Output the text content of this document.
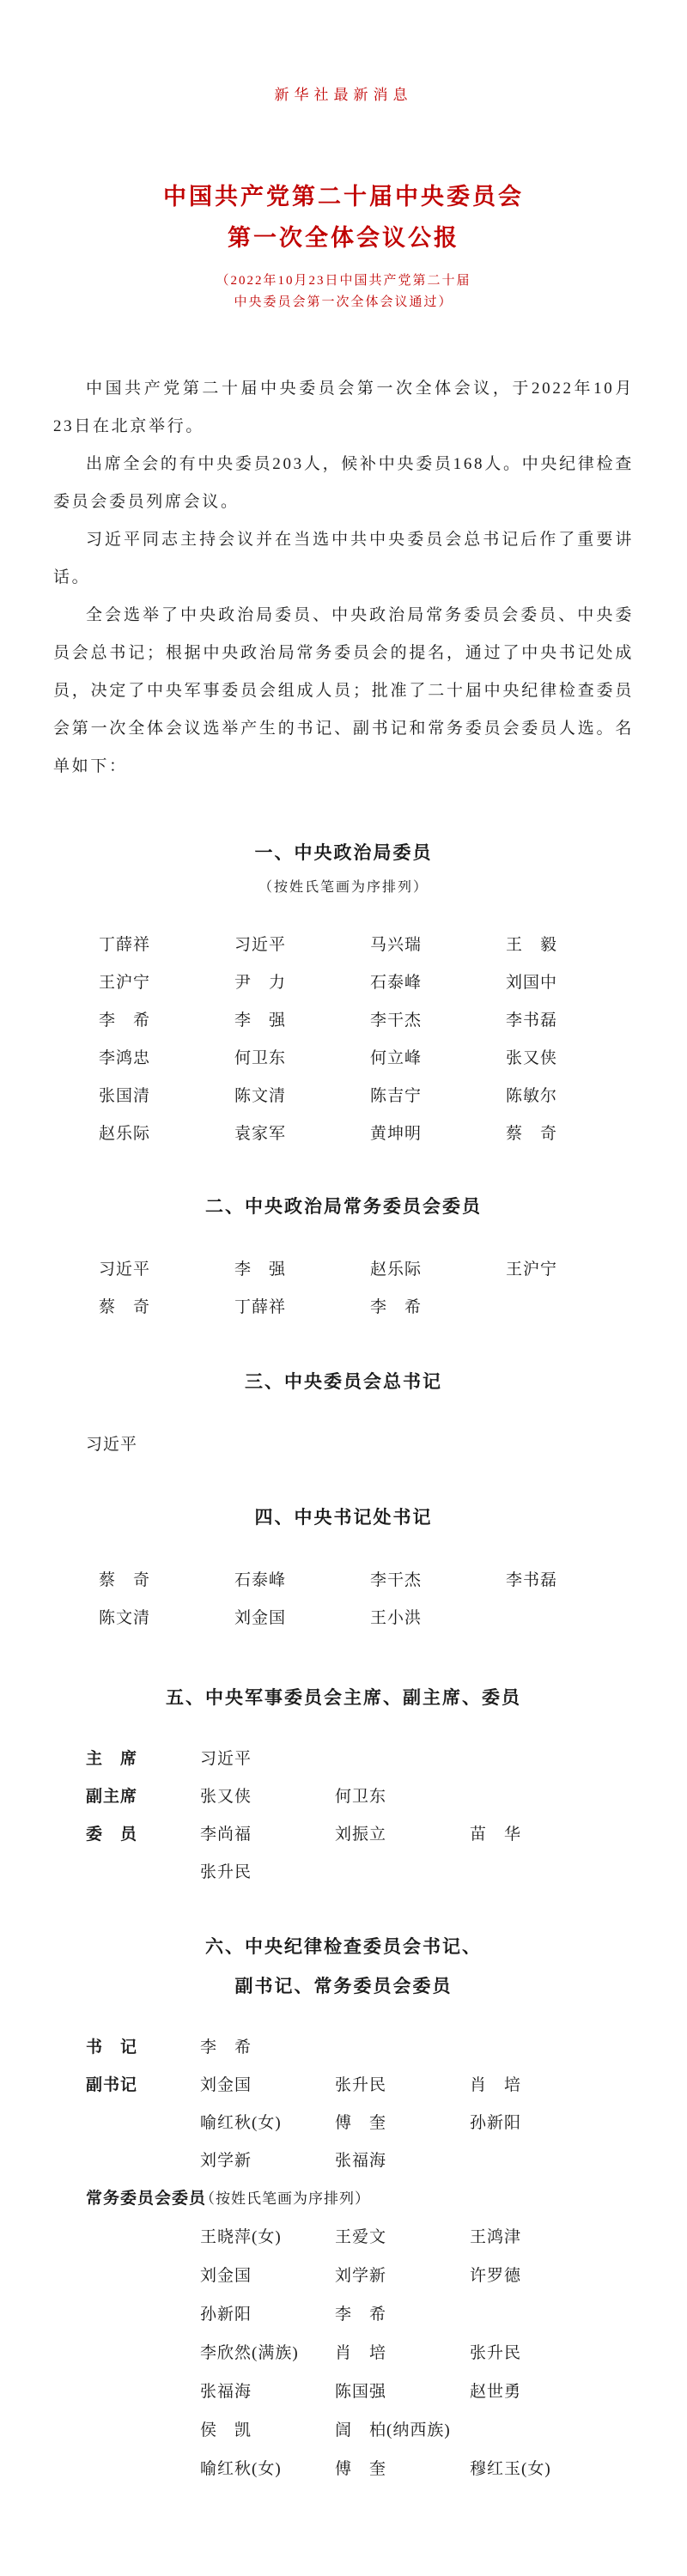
新华社最新消息
中国共产党第二十届中央委员会
第一次全体会议公报
（2022年10月23日中国共产党第二十届
中央委员会第一次全体会议通过）

中国共产党第二十届中央委员会第一次全体会议，于2022年10月23日在北京举行。

出席全会的有中央委员203人，候补中央委员168人。中央纪律检查委员会委员列席会议。

习近平同志主持会议并在当选中共中央委员会总书记后作了重要讲话。

全会选举了中央政治局委员、中央政治局常务委员会委员、中央委员会总书记；根据中央政治局常务委员会的提名，通过了中央书记处成员，决定了中央军事委员会组成人员；批准了二十届中央纪律检查委员会第一次全体会议选举产生的书记、副书记和常务委员会委员人选。名单如下：

一、中央政治局委员
（按姓氏笔画为序排列）
丁薛祥	习近平	马兴瑞	王　毅
王沪宁	尹　力	石泰峰	刘国中
李　希	李　强	李干杰	李书磊
李鸿忠	何卫东	何立峰	张又侠
张国清	陈文清	陈吉宁	陈敏尔
赵乐际	袁家军	黄坤明	蔡　奇
二、中央政治局常务委员会委员
习近平	李　强	赵乐际	王沪宁
蔡　奇	丁薛祥	李　希
三、中央委员会总书记
习近平
四、中央书记处书记
蔡　奇	石泰峰	李干杰	李书磊
陈文清	刘金国	王小洪
五、中央军事委员会主席、副主席、委员
主　席	习近平
副主席	张又侠	何卫东
委　员	李尚福	刘振立	苗　华
张升民
六、中央纪律检查委员会书记、
副书记、常务委员会委员
书　记	李　希
副书记	刘金国	张升民	肖　培
喻红秋(女)	傅　奎	孙新阳
刘学新	张福海
常务委员会委员
（按姓氏笔画为序排列）
王晓萍(女)	王爱文	王鸿津
刘金国	刘学新	许罗德
孙新阳	李　希
李欣然(满族)	肖　培	张升民
张福海	陈国强	赵世勇
侯　凯	訚　柏(纳西族)
喻红秋(女)	傅　奎	穆红玉(女)
